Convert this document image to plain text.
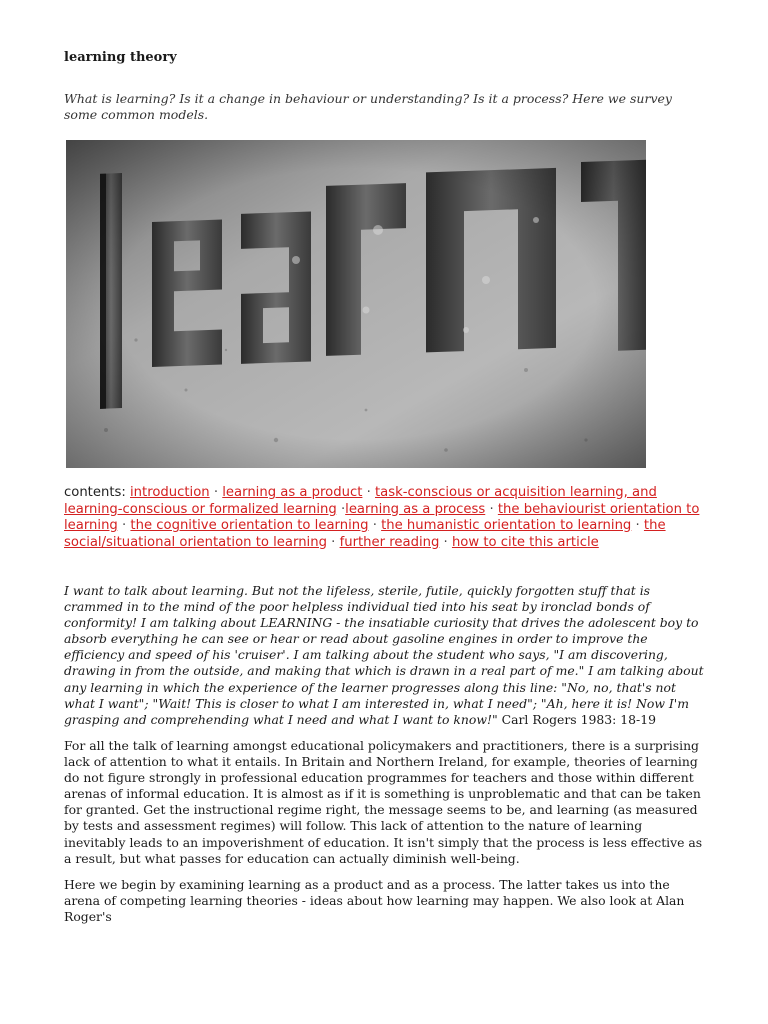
learning theory
What is learning? Is it a change in behaviour or understanding? Is it a process? Here we survey some common models.
contents: introduction · learning as a product · task-conscious or acquisition learning, and learning-conscious or formalized learning ·learning as a process · the behaviourist orientation to learning · the cognitive orientation to learning · the humanistic orientation to learning · the social/situational orientation to learning · further reading · how to cite this article
I want to talk about learning. But not the lifeless, sterile, futile, quickly forgotten stuff that is crammed in to the mind of the poor helpless individual tied into his seat by ironclad bonds of conformity! I am talking about LEARNING - the insatiable curiosity that drives the adolescent boy to absorb everything he can see or hear or read about gasoline engines in order to improve the efficiency and speed of his 'cruiser'. I am talking about the student who says, "I am discovering, drawing in from the outside, and making that which is drawn in a real part of me." I am talking about any learning in which the experience of the learner progresses along this line: "No, no, that's not what I want"; "Wait! This is closer to what I am interested in, what I need"; "Ah, here it is! Now I'm grasping and comprehending what I need and what I want to know!" Carl Rogers 1983: 18-19
For all the talk of learning amongst educational policymakers and practitioners, there is a surprising lack of attention to what it entails. In Britain and Northern Ireland, for example, theories of learning do not figure strongly in professional education programmes for teachers and those within different arenas of informal education. It is almost as if it is something is unproblematic and that can be taken for granted. Get the instructional regime right, the message seems to be, and learning (as measured by tests and assessment regimes) will follow. This lack of attention to the nature of learning inevitably leads to an impoverishment of education. It isn't simply that the process is less effective as a result, but what passes for education can actually diminish well-being.
Here we begin by examining learning as a product and as a process. The latter takes us into the arena of competing learning theories - ideas about how learning may happen. We also look at Alan Roger's
